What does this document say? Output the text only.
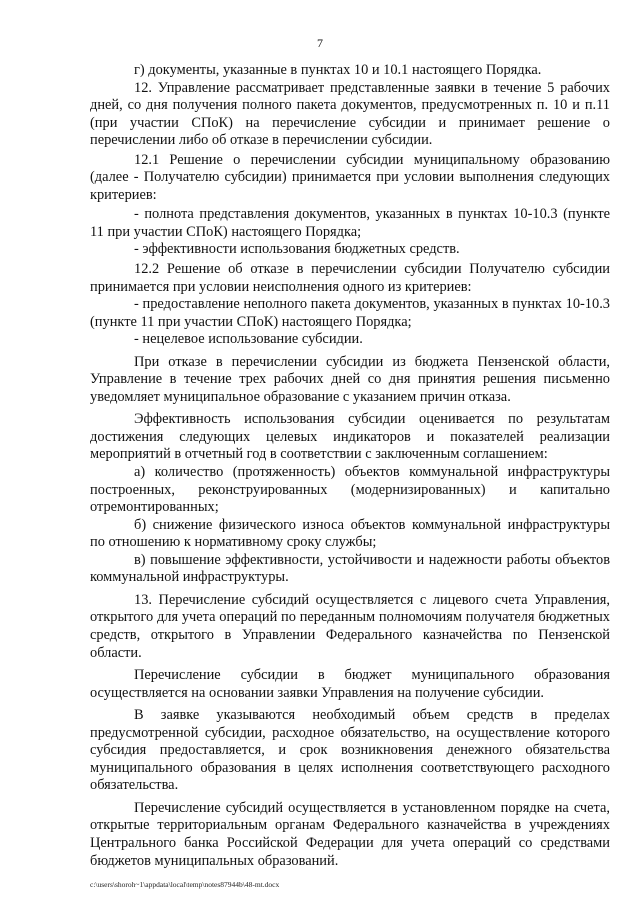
7

г) документы, указанные в пунктах 10 и 10.1 настоящего Порядка.

12. Управление рассматривает представленные заявки в течение 5 рабочих дней, со дня получения полного пакета документов, предусмотренных п. 10 и п.11 (при участии СПоК) на перечисление субсидии и принимает решение о перечислении либо об отказе в перечислении субсидии.

12.1 Решение о перечислении субсидии муниципальному образованию (далее - Получателю субсидии) принимается при условии выполнения следующих критериев:

- полнота представления документов, указанных в пунктах 10-10.3 (пункте 11 при участии СПоК) настоящего Порядка;

- эффективности использования бюджетных средств.

12.2 Решение об отказе в перечислении субсидии Получателю субсидии принимается при условии неисполнения одного из критериев:

- предоставление неполного пакета документов, указанных в пунктах 10-10.3 (пункте 11 при участии СПоК) настоящего Порядка;

- нецелевое использование субсидии.

При отказе в перечислении субсидии из бюджета Пензенской области, Управление в течение трех рабочих дней со дня принятия решения письменно уведомляет муниципальное образование с указанием причин отказа.

Эффективность использования субсидии оценивается по результатам достижения следующих целевых индикаторов и показателей реализации мероприятий в отчетный год в соответствии с заключенным соглашением:

а) количество (протяженность) объектов коммунальной инфраструктуры построенных, реконструированных (модернизированных) и капитально отремонтированных;

б) снижение физического износа объектов коммунальной инфраструктуры по отношению к нормативному сроку службы;

в) повышение эффективности, устойчивости и надежности работы объектов коммунальной инфраструктуры.

13. Перечисление субсидий осуществляется с лицевого счета Управления, открытого для учета операций по переданным полномочиям получателя бюджетных средств, открытого в Управлении Федерального казначейства по Пензенской области.

Перечисление субсидии в бюджет муниципального образования осуществляется на основании заявки Управления на получение субсидии.

В заявке указываются необходимый объем средств в пределах предусмотренной субсидии, расходное обязательство, на осуществление которого субсидия предоставляется, и срок возникновения денежного обязательства муниципального образования в целях исполнения соответствующего расходного обязательства.

Перечисление субсидий осуществляется в установленном порядке на счета, открытые территориальным органам Федерального казначейства в учреждениях Центрального банка Российской Федерации для учета операций со средствами бюджетов муниципальных образований.

c:\users\shoroh~1\appdata\local\temp\notes87944b\48-mt.docx
